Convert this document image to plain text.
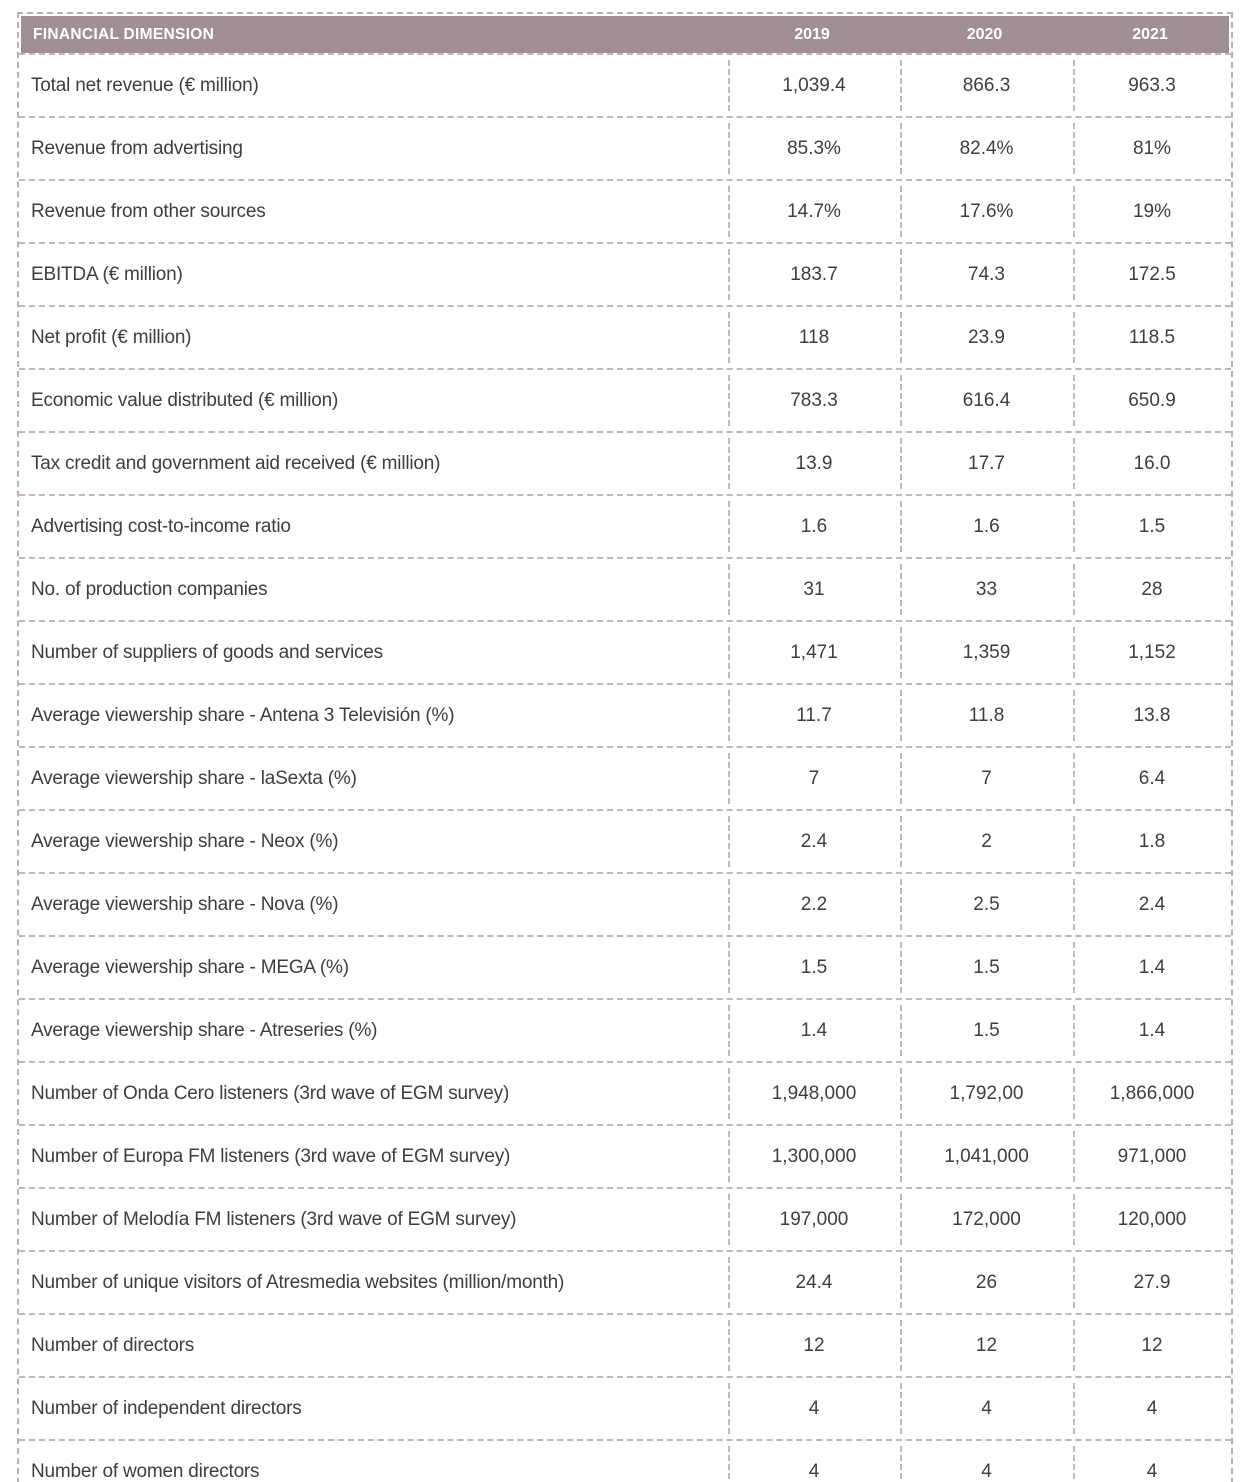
FINANCIAL DIMENSION	2019	2020	2021
Total net revenue (€ million)	1,039.4	866.3	963.3
Revenue from advertising	85.3%	82.4%	81%
Revenue from other sources	14.7%	17.6%	19%
EBITDA (€ million)	183.7	74.3	172.5
Net profit (€ million)	118	23.9	118.5
Economic value distributed (€ million)	783.3	616.4	650.9
Tax credit and government aid received (€ million)	13.9	17.7	16.0
Advertising cost-to-income ratio	1.6	1.6	1.5
No. of production companies	31	33	28
Number of suppliers of goods and services	1,471	1,359	1,152
Average viewership share - Antena 3 Televisión (%)	11.7	11.8	13.8
Average viewership share - laSexta (%)	7	7	6.4
Average viewership share - Neox (%)	2.4	2	1.8
Average viewership share - Nova (%)	2.2	2.5	2.4
Average viewership share - MEGA (%)	1.5	1.5	1.4
Average viewership share - Atreseries (%)	1.4	1.5	1.4
Number of Onda Cero listeners (3rd wave of EGM survey)	1,948,000	1,792,00	1,866,000
Number of Europa FM listeners (3rd wave of EGM survey)	1,300,000	1,041,000	971,000
Number of Melodía FM listeners (3rd wave of EGM survey)	197,000	172,000	120,000
Number of unique visitors of Atresmedia websites (million/month)	24.4	26	27.9
Number of directors	12	12	12
Number of independent directors	4	4	4
Number of women directors	4	4	4
